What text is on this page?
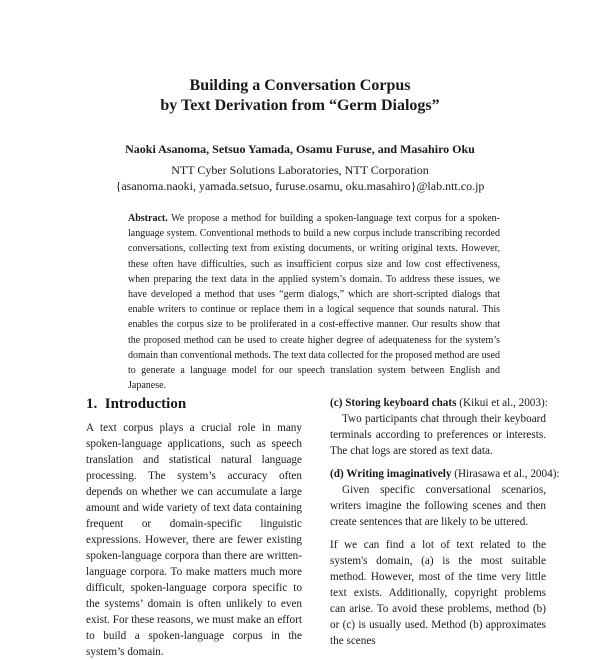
Building a Conversation Corpus
by Text Derivation from “Germ Dialogs”
Naoki Asanoma, Setsuo Yamada, Osamu Furuse, and Masahiro Oku
NTT Cyber Solutions Laboratories, NTT Corporation
{asanoma.naoki, yamada.setsuo, furuse.osamu, oku.masahiro}@lab.ntt.co.jp
Abstract. We propose a method for building a spoken-language text corpus for a spoken-language system. Conventional methods to build a new corpus include transcribing recorded conversations, collecting text from existing documents, or writing original texts. However, these often have difficulties, such as insufficient corpus size and low cost effectiveness, when preparing the text data in the applied system’s domain. To address these issues, we have developed a method that uses “germ dialogs,” which are short-scripted dialogs that enable writers to continue or replace them in a logical sequence that sounds natural. This enables the corpus size to be proliferated in a cost-effective manner. Our results show that the proposed method can be used to create higher degree of adequateness for the system’s domain than conventional methods. The text data collected for the proposed method are used to generate a language model for our speech translation system between English and Japanese.
1. Introduction
A text corpus plays a crucial role in many spoken-language applications, such as speech translation and statistical natural language processing. The system’s accuracy often depends on whether we can accumulate a large amount and wide variety of text data containing frequent or domain-specific linguistic expressions. However, there are fewer existing spoken-language corpora than there are written-language corpora. To make matters much more difficult, spoken-language corpora specific to the systems’ domain is often unlikely to even exist. For these reasons, we must make an effort to build a spoken-language corpus in the system’s domain.
(c) Storing keyboard chats (Kikui et al., 2003):
Two participants chat through their keyboard terminals according to preferences or interests. The chat logs are stored as text data.
(d) Writing imaginatively (Hirasawa et al., 2004):
Given specific conversational scenarios, writers imagine the following scenes and then create sentences that are likely to be uttered.
If we can find a lot of text related to the system's domain, (a) is the most suitable method. However, most of the time very little text exists. Additionally, copyright problems can arise. To avoid these problems, method (b) or (c) is usually used. Method (b) approximates the scenes
